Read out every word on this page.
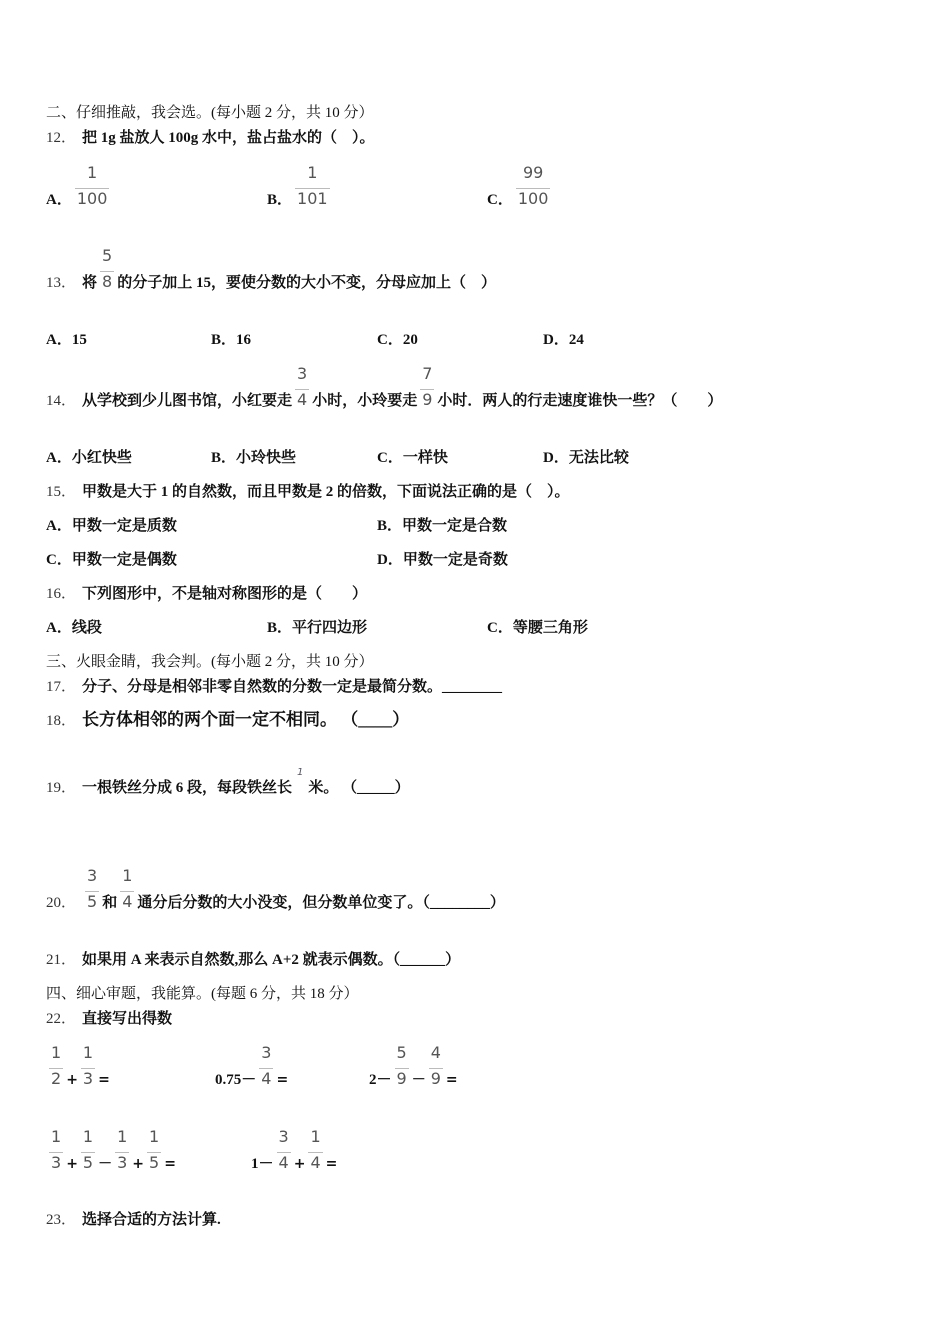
二、仔细推敲，我会选。(每小题 2 分，共 10 分）
12． 把 1g 盐放人 100g 水中，盐占盐水的（　）。
A． $\frac{1}{100}$	B． $\frac{1}{101}$	C． $\frac{99}{100}$
13． 将 $\frac{5}{8}$ 的分子加上 15，要使分数的大小不变，分母应加上（　）
A．15	B．16	C．20	D．24
14． 从学校到少儿图书馆，小红要走 $\frac{3}{4}$ 小时，小玲要走 $\frac{7}{9}$ 小时．两人的行走速度谁快一些？（　　）
A．小红快些	B．小玲快些	C．一样快	D．无法比较
15． 甲数是大于 1 的自然数，而且甲数是 2 的倍数，下面说法正确的是（　）。
A．甲数一定是质数	B．甲数一定是合数
C．甲数一定是偶数	D．甲数一定是奇数
16． 下列图形中，不是轴对称图形的是（　　）
A．线段	B．平行四边形	C．等腰三角形
三、火眼金睛，我会判。(每小题 2 分，共 10 分）
17． 分子、分母是相邻非零自然数的分数一定是最简分数。________
18． 长方体相邻的两个面一定不相同。 （____）
19． 一根铁丝分成 6 段，每段铁丝长
1
米。 （_____）
20． $\frac{3}{5}$ 和 $\frac{1}{4}$ 通分后分数的大小没变，但分数单位变了。（________）
21． 如果用 A 来表示自然数,那么 A+2 就表示偶数。（______）
四、细心审题，我能算。(每题 6 分，共 18 分）
22． 直接写出得数
$\frac{1}{2} + \frac{1}{3}$ =	$0.75- \frac{3}{4}$ =	$2- \frac{5}{9} - \frac{4}{9}$ =
$\frac{1}{3} + \frac{1}{5} - \frac{1}{3} + \frac{1}{5}$ =	$1- \frac{3}{4} + \frac{1}{4}$ =
23． 选择合适的方法计算.
